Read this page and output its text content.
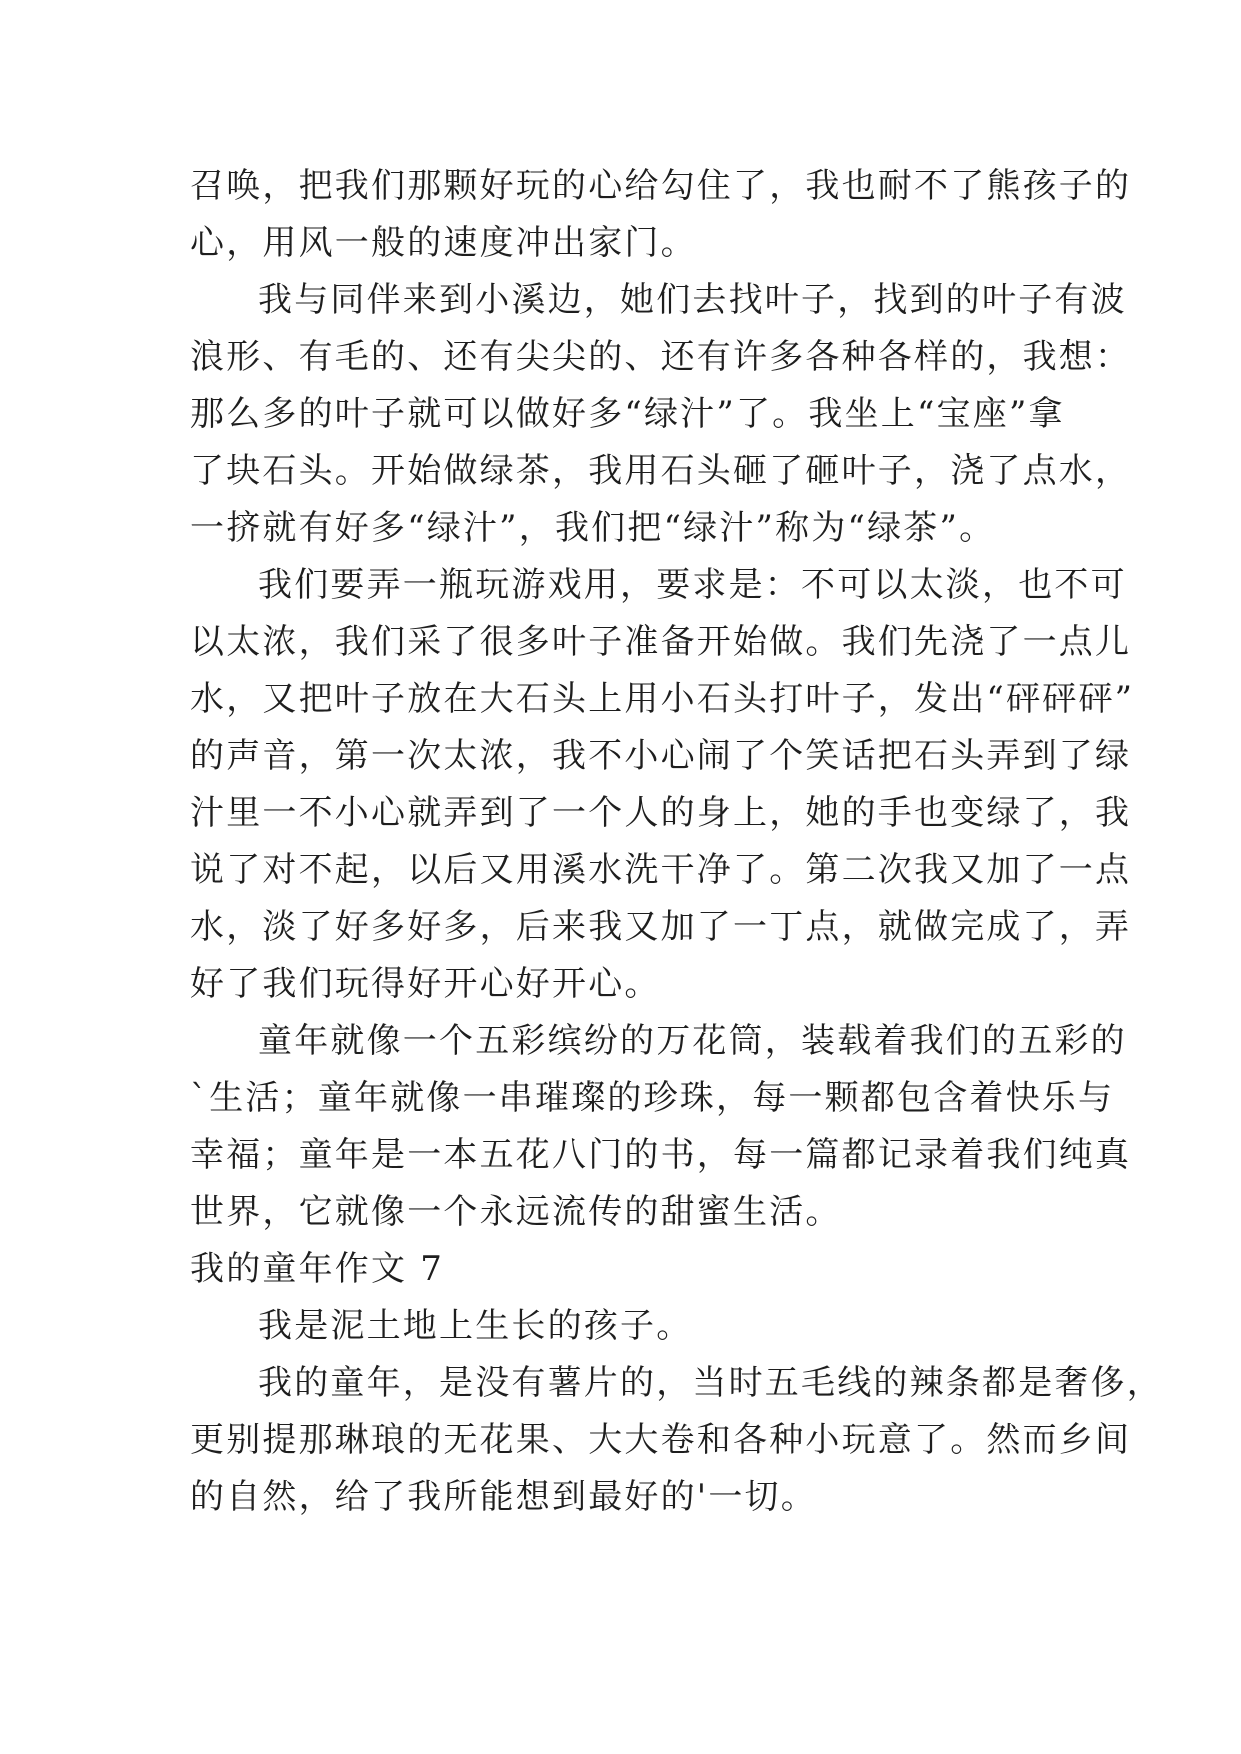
召唤，把我们那颗好玩的心给勾住了，我也耐不了熊孩子的
心，用风一般的速度冲出家门。
我与同伴来到小溪边，她们去找叶子，找到的叶子有波
浪形、有毛的、还有尖尖的、还有许多各种各样的，我想：
那么多的叶子就可以做好多“绿汁”了。我坐上“宝座”拿
了块石头。开始做绿茶，我用石头砸了砸叶子，浇了点水，
一挤就有好多“绿汁”，我们把“绿汁”称为“绿茶”。
我们要弄一瓶玩游戏用，要求是：不可以太淡，也不可
以太浓，我们采了很多叶子准备开始做。我们先浇了一点儿
水，又把叶子放在大石头上用小石头打叶子，发出“砰砰砰”
的声音，第一次太浓，我不小心闹了个笑话把石头弄到了绿
汁里一不小心就弄到了一个人的身上，她的手也变绿了，我
说了对不起，以后又用溪水洗干净了。第二次我又加了一点
水，淡了好多好多，后来我又加了一丁点，就做完成了，弄
好了我们玩得好开心好开心。
童年就像一个五彩缤纷的万花筒，装载着我们的五彩的
`生活；童年就像一串璀璨的珍珠，每一颗都包含着快乐与
幸福；童年是一本五花八门的书，每一篇都记录着我们纯真
世界，它就像一个永远流传的甜蜜生活。
我的童年作文 7
我是泥土地上生长的孩子。
我的童年，是没有薯片的，当时五毛线的辣条都是奢侈，
更别提那琳琅的无花果、大大卷和各种小玩意了。然而乡间
的自然，给了我所能想到最好的'一切。
